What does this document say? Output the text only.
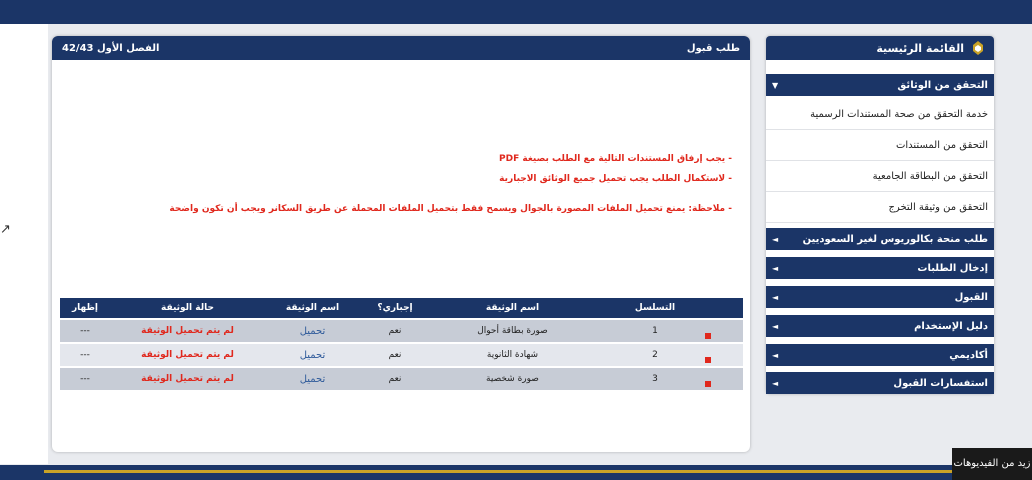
↗
طلب قبول
الفصل الأول 42/43
- يجب إرفاق المستندات التالية مع الطلب بصيغة PDF
- لاستكمال الطلب يجب تحميل جميع الوثائق الاجبارية
- ملاحظة: يمنع تحميل الملفات المصورة بالجوال ويسمح فقط بتحميل الملفات المحملة عن طريق السكانر ويجب أن تكون واضحة
إظهار	حالة الوثيقة	اسم الوثيقة	إجباري؟	اسم الوثيقة	التسلسل
---	لم يتم تحميل الوثيقة	تحميل	نعم	صورة بطاقة أحوال	1
---	لم يتم تحميل الوثيقة	تحميل	نعم	شهادة الثانوية	2
---	لم يتم تحميل الوثيقة	تحميل	نعم	صورة شخصية	3
القائمة الرئيسية
▼	التحقق من الوثائق
خدمة التحقق من صحة المستندات الرسمية
التحقق من المستندات
التحقق من البطاقة الجامعية
التحقق من وثيقة التخرج
◄ طلب منحة بكالوريوس لغير السعوديين
◄	إدخال الطلبات
◄	القبول
◄	دليل الإستخدام
◄	أكاديمي
◄	استفسارات القبول
زيد من الفيديوهات
